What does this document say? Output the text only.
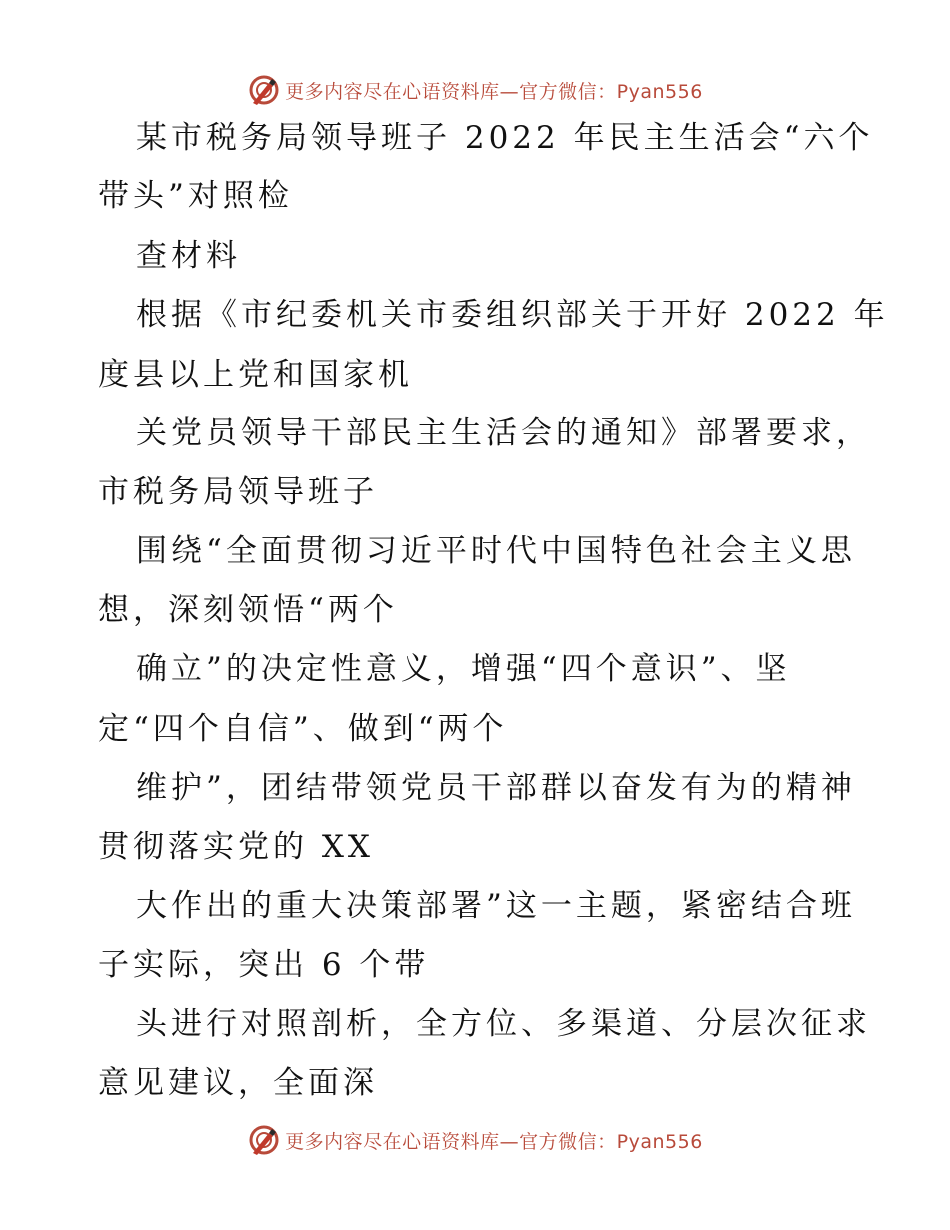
更多内容尽在心语资料库—官方微信：Pyan556
某市税务局领导班子 2022 年民主生活会“六个
带头”对照检
查材料
根据《市纪委机关市委组织部关于开好 2022 年
度县以上党和国家机
关党员领导干部民主生活会的通知》部署要求，
市税务局领导班子
围绕“全面贯彻习近平时代中国特色社会主义思
想，深刻领悟“两个
确立”的决定性意义，增强“四个意识”、坚
定“四个自信”、做到“两个
维护”，团结带领党员干部群以奋发有为的精神
贯彻落实党的 XX
大作出的重大决策部署”这一主题，紧密结合班
子实际，突出 6 个带
头进行对照剖析，全方位、多渠道、分层次征求
意见建议，全面深
更多内容尽在心语资料库—官方微信：Pyan556
